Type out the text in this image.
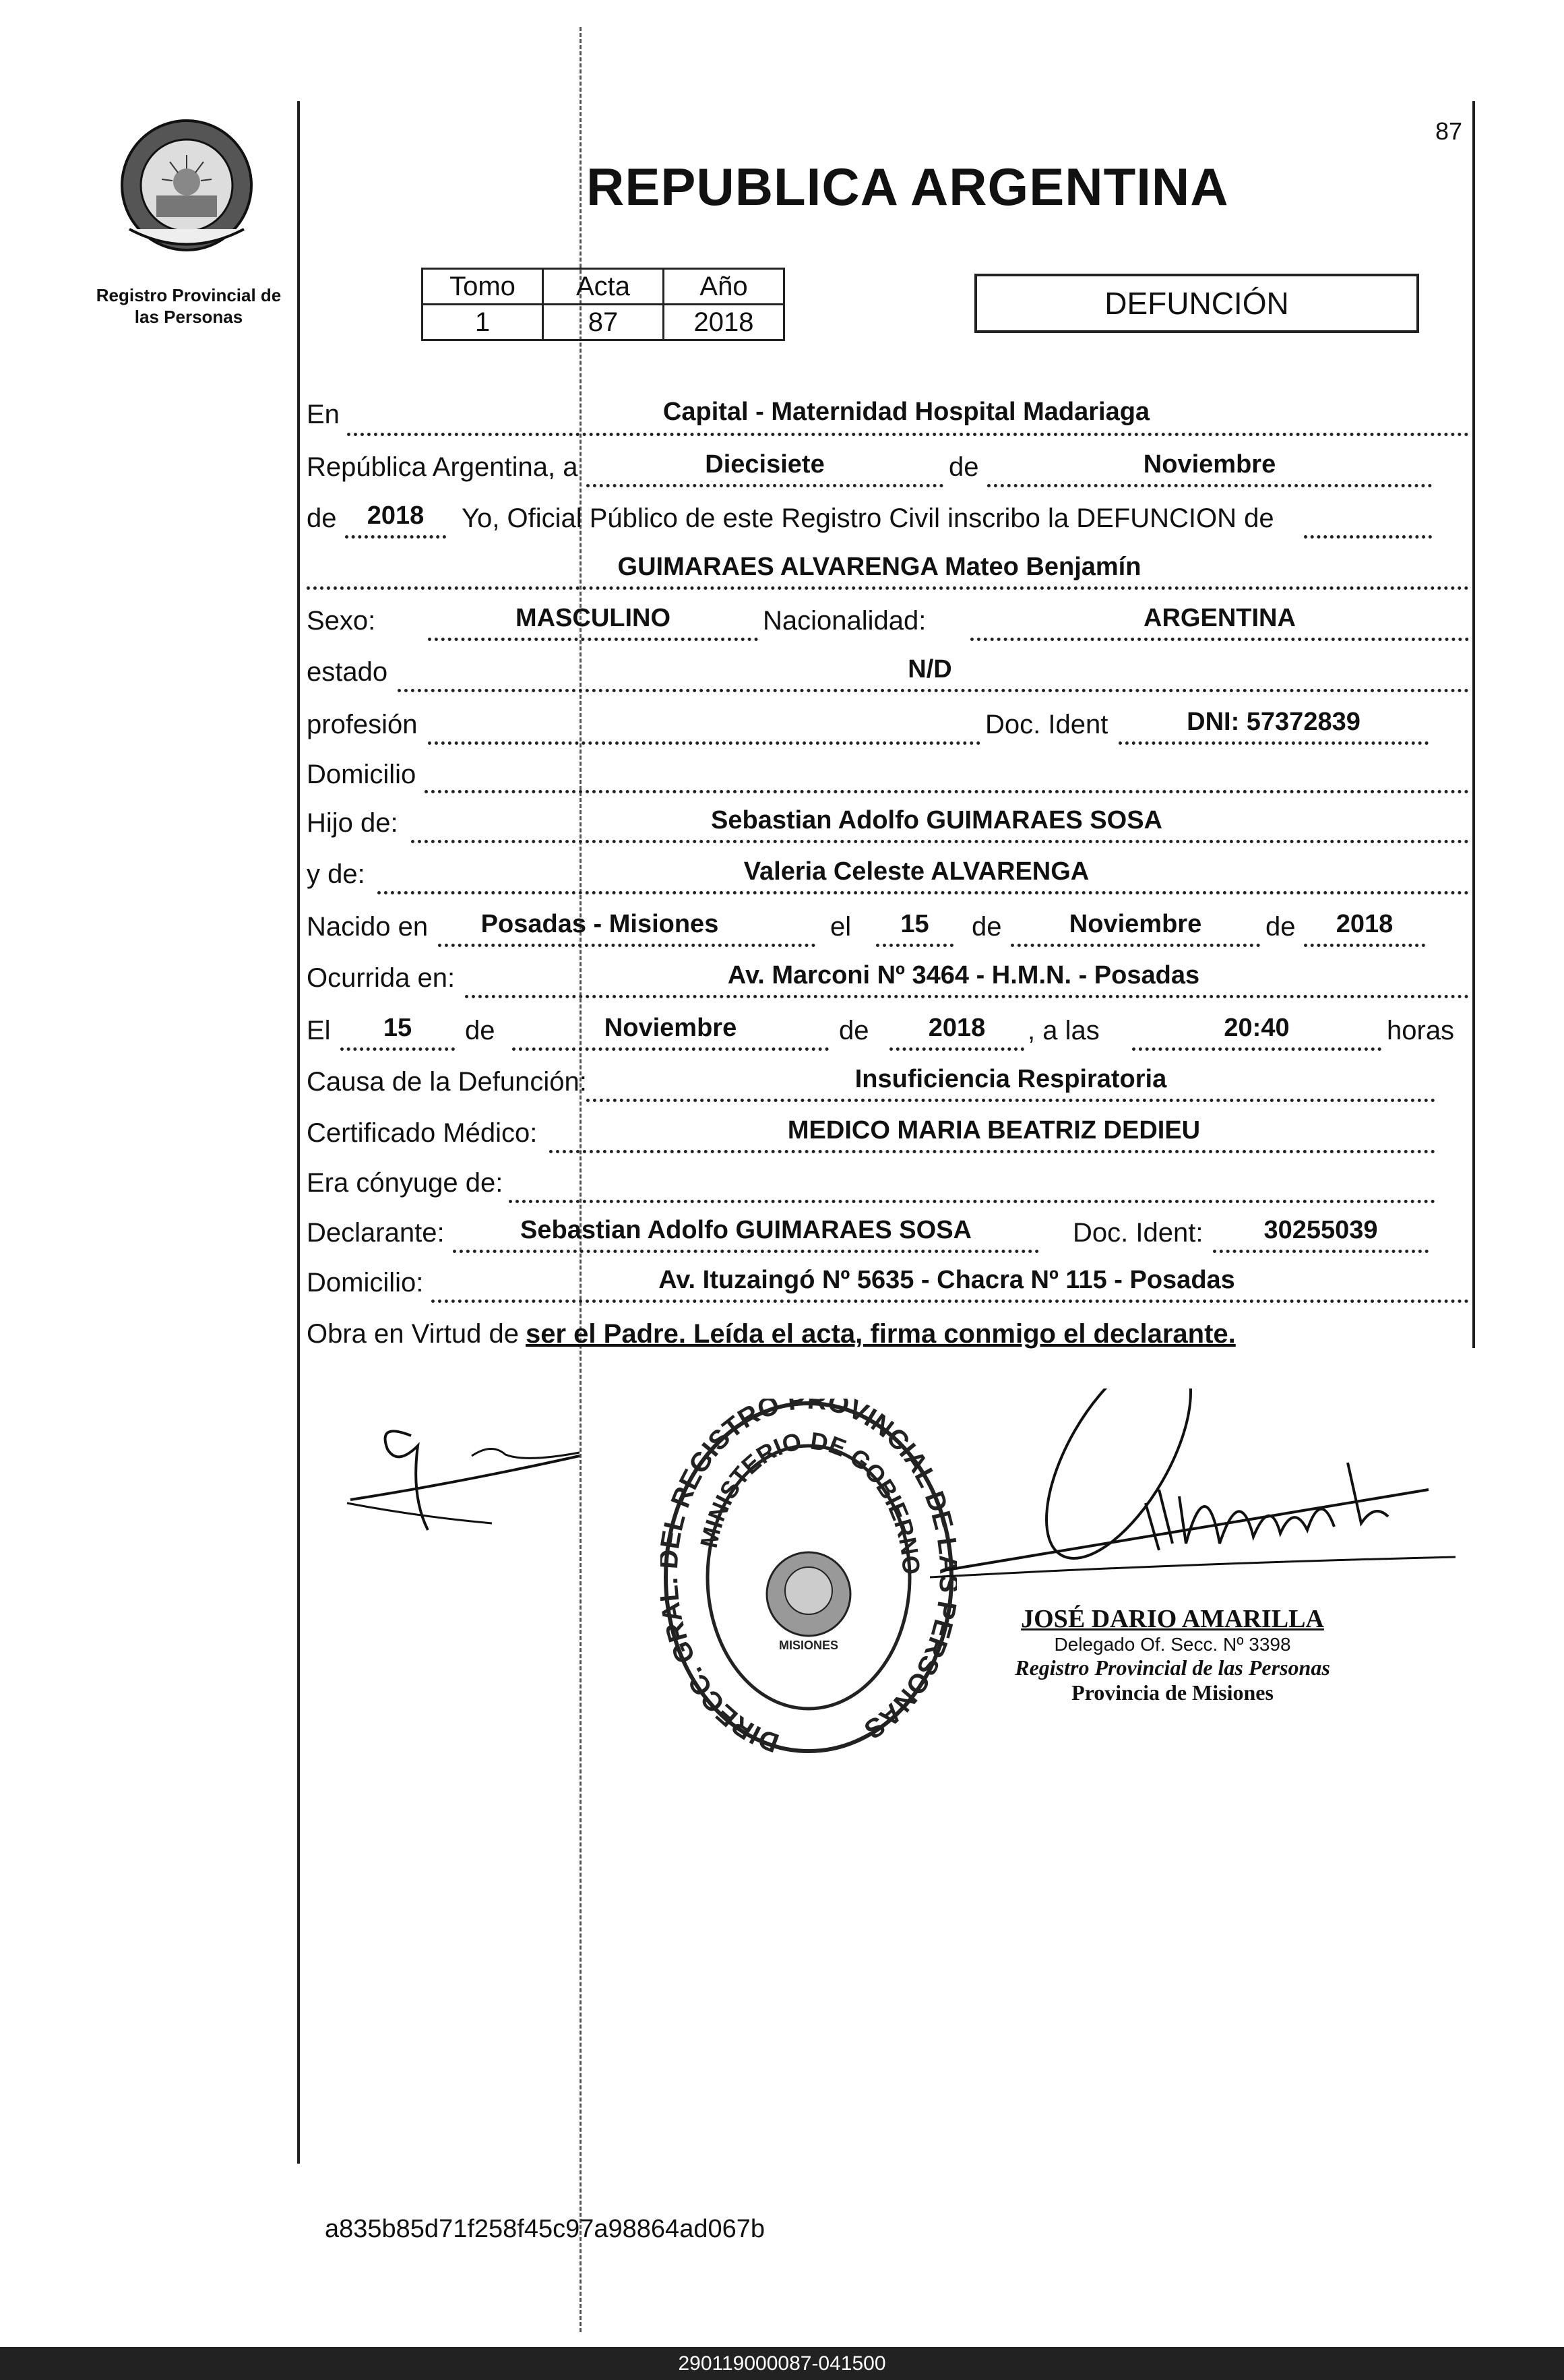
Registro Provincial de las Personas
87
REPUBLICA ARGENTINA
Tomo	Acta	Año
1	87	2018
DEFUNCIÓN
En	Capital - Maternidad Hospital Madariaga
República Argentina, a	Diecisiete	de	Noviembre
de	2018	Yo, Oficial Público de este Registro Civil inscribo la DEFUNCION de
GUIMARAES ALVARENGA Mateo Benjamín
Sexo:	MASCULINO	Nacionalidad:	ARGENTINA
estado	N/D
profesión	Doc. Ident	DNI: 57372839
Domicilio
Hijo de:	Sebastian Adolfo GUIMARAES SOSA
y de:	Valeria Celeste ALVARENGA
Nacido en	Posadas - Misiones	el	15	de	Noviembre	de	2018
Ocurrida en:	Av. Marconi Nº 3464 - H.M.N. - Posadas
El	15	de	Noviembre	de	2018	, a las	20:40	horas
Causa de la Defunción:	Insuficiencia Respiratoria
Certificado Médico:	MEDICO MARIA BEATRIZ DEDIEU
Era cónyuge de:
Declarante:	Sebastian Adolfo GUIMARAES SOSA	Doc. Ident:	30255039
Domicilio:	Av. Ituzaingó Nº 5635 - Chacra Nº 115 - Posadas
Obra en Virtud de ser el Padre. Leída el acta, firma conmigo el declarante.
DIRECC. GR L REGISTRO PROVINCIAL DE ERSONAS
MINISTERIO DE GOBIERNO
MISIONES
JOSÉ DARIO AMARILLA
Delegado Of. Secc. Nº 3398
Registro Provincial de las Personas
Provincia de Misiones
a835b85d71f258f45c97a98864ad067b
290119000087-041500
